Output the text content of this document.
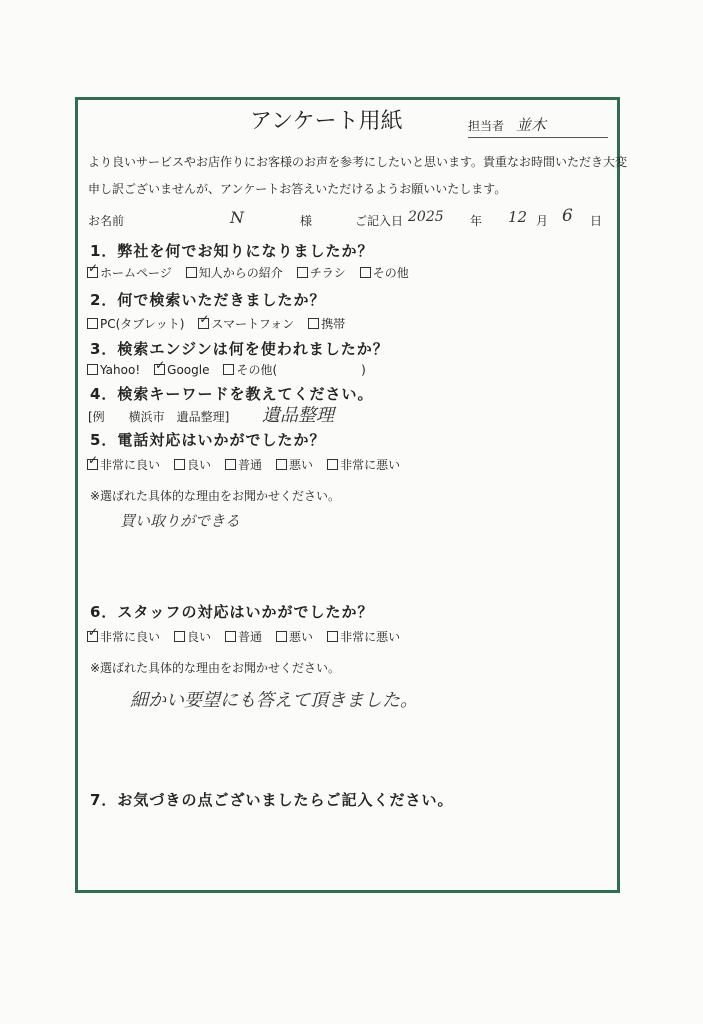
アンケート用紙	担当者　 並木
より良いサービスやお店作りにお客様のお声を参考にしたいと思います。貴重なお時間いただき大変
申し訳ございませんが、アンケートお答えいただけるようお願いいたします。
お名前	N	様	ご記入日 2025 年 12 月 6 日
1．弊社を何でお知りになりましたか？
✓
ホームページ 知人からの紹介 チラシ その他
2．何で検索いただきましたか？
PC(タブレット) ✓ スマートフォン 携帯
3．検索エンジンは何を使われましたか？
Yahoo! ✓ Google その他(　　　　　　　)
4．検索キーワードを教えてください。
[例　　横浜市　遺品整理] 遺品整理
5．電話対応はいかがでしたか？
✓
非常に良い 良い 普通 悪い 非常に悪い
※選ばれた具体的な理由をお聞かせください。
買い取りができる
6．スタッフの対応はいかがでしたか？
✓
非常に良い 良い 普通 悪い 非常に悪い
※選ばれた具体的な理由をお聞かせください。
細かい要望にも答えて頂きました。
7．お気づきの点ございましたらご記入ください。
